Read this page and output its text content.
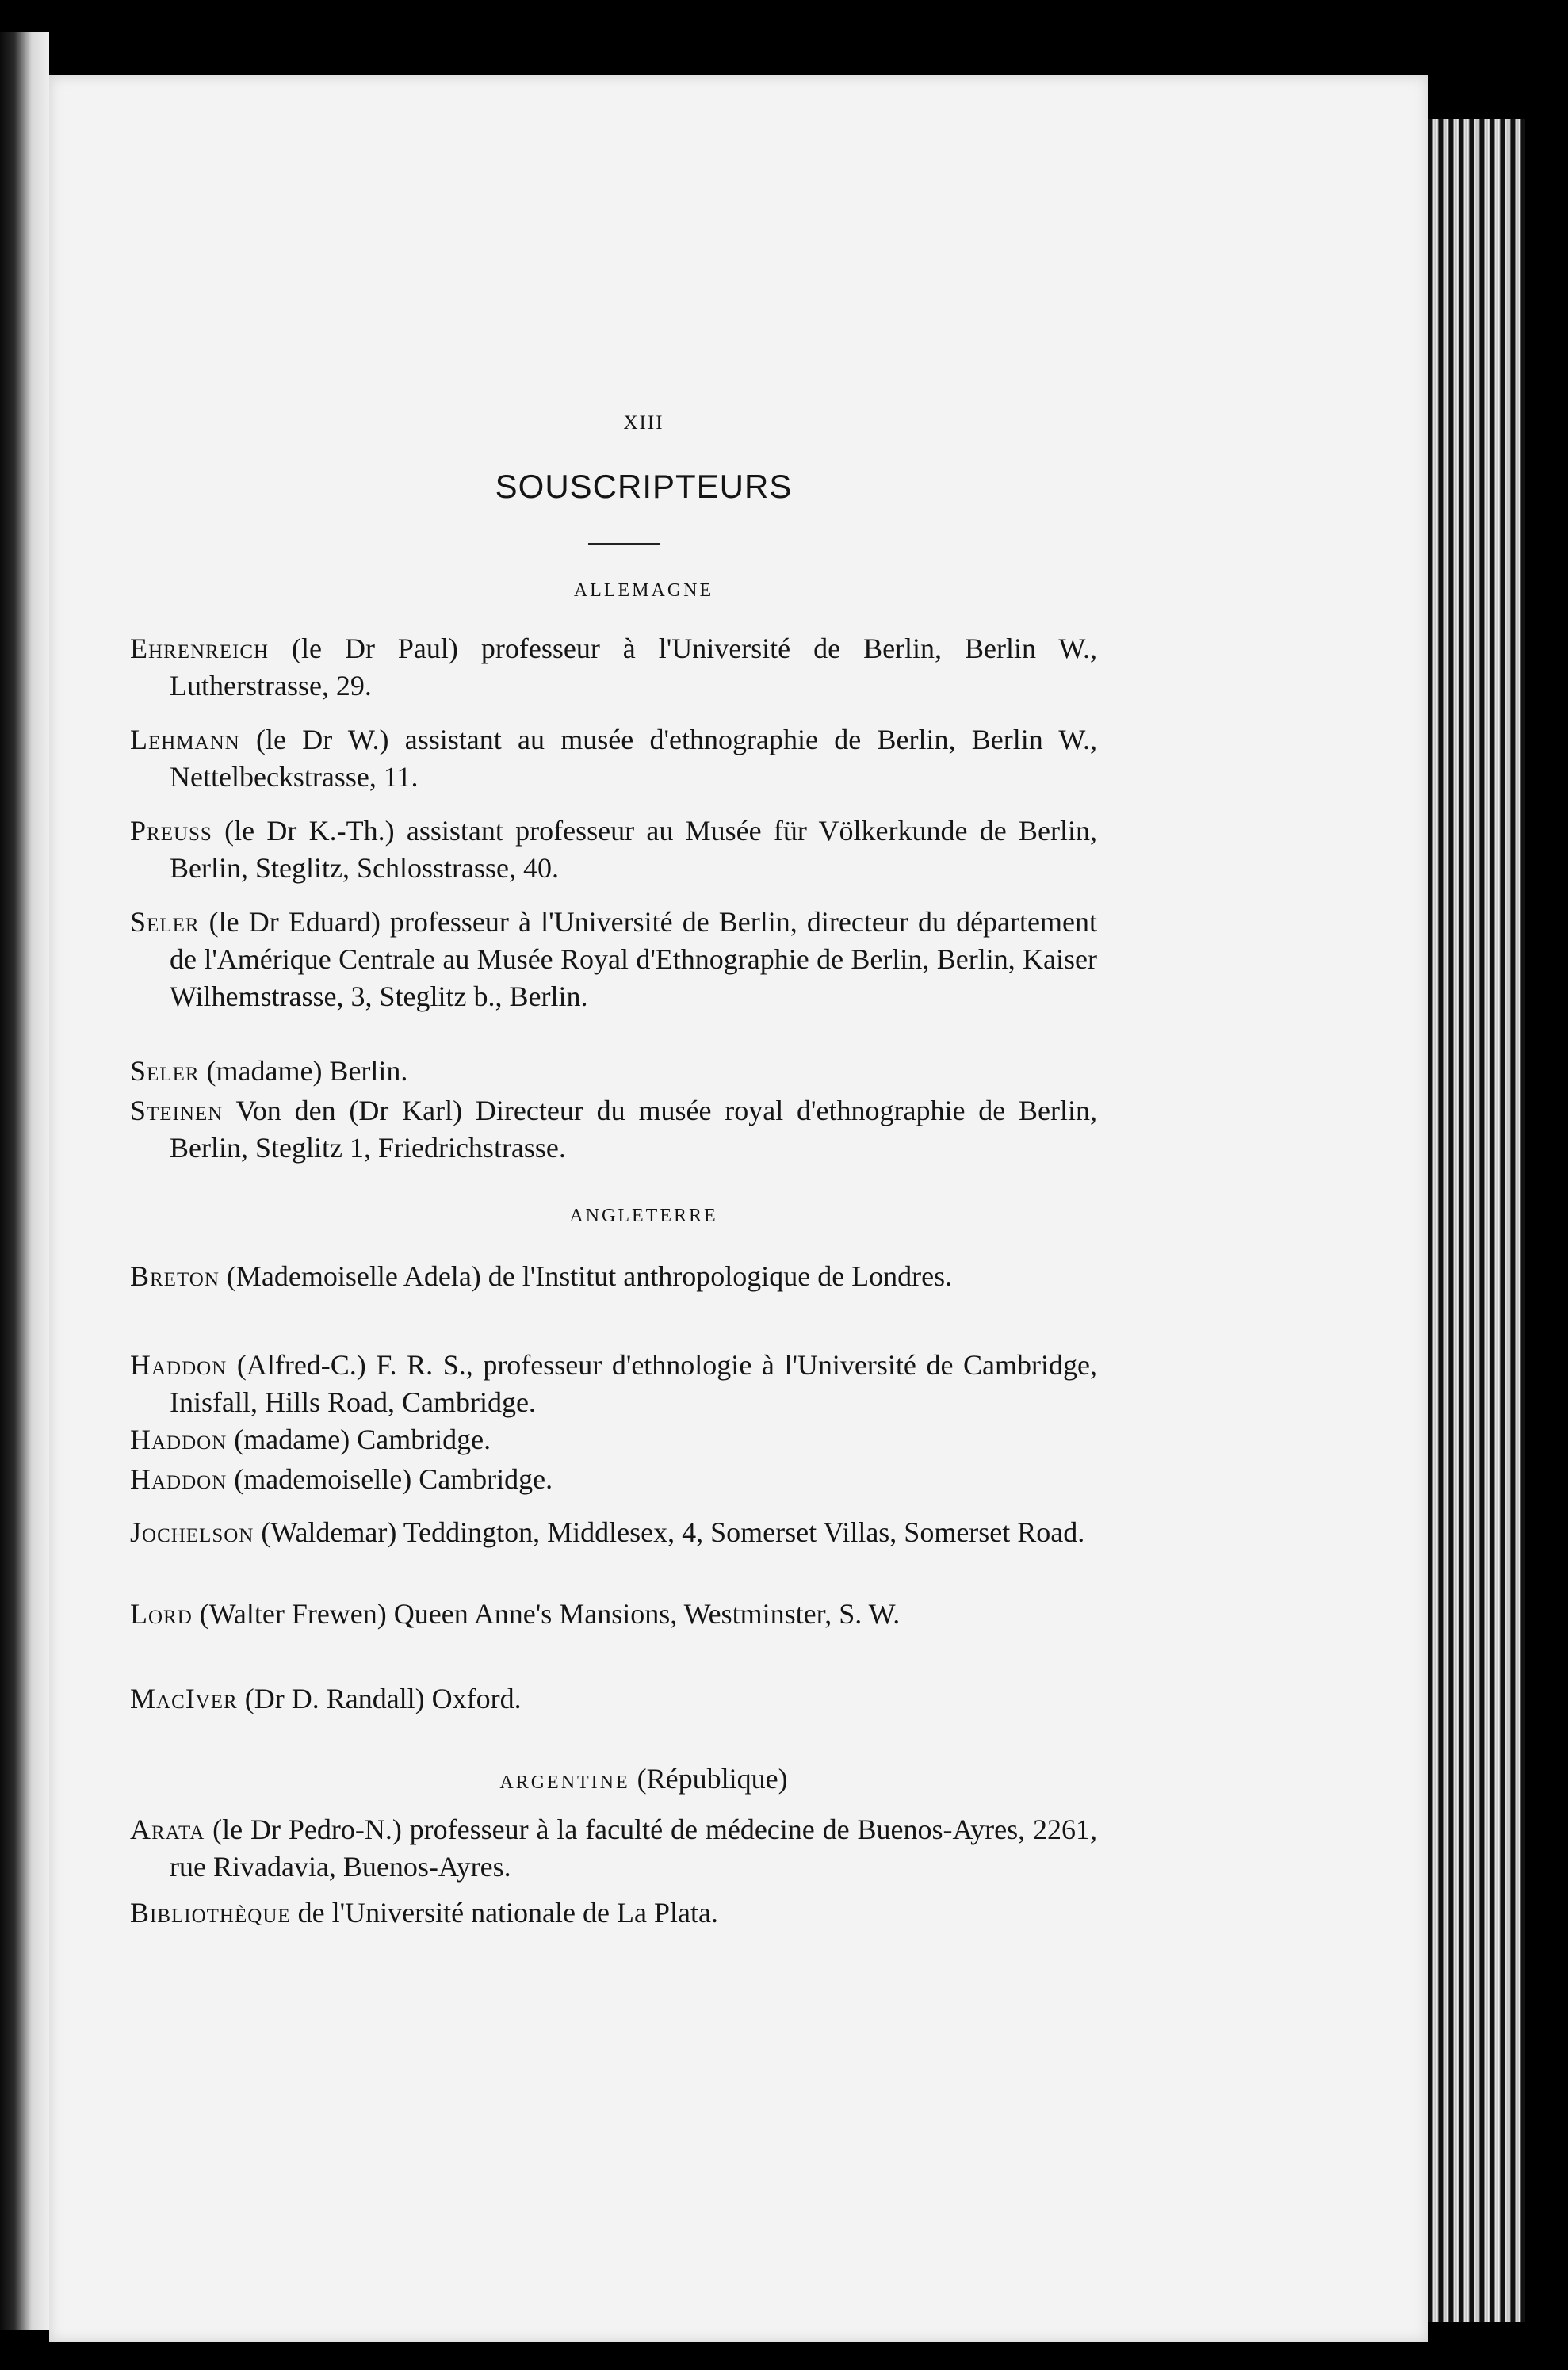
XIII
SOUSCRIPTEURS
ALLEMAGNE
Ehrenreich (le Dr Paul) professeur à l'Université de Berlin, Berlin W., Lutherstrasse, 29.
Lehmann (le Dr W.) assistant au musée d'ethnographie de Berlin, Berlin W., Nettelbeckstrasse, 11.
Preuss (le Dr K.-Th.) assistant professeur au Musée für Völkerkunde de Berlin, Berlin, Steglitz, Schlosstrasse, 40.
Seler (le Dr Eduard) professeur à l'Université de Berlin, directeur du département de l'Amérique Centrale au Musée Royal d'Ethnographie de Berlin, Berlin, Kaiser Wilhemstrasse, 3, Steglitz b., Berlin.
Seler (madame) Berlin.
Steinen Von den (Dr Karl) Directeur du musée royal d'ethnographie de Berlin, Berlin, Steglitz 1, Friedrichstrasse.
ANGLETERRE
Breton (Mademoiselle Adela) de l'Institut anthropologique de Londres.
Haddon (Alfred-C.) F. R. S., professeur d'ethnologie à l'Université de Cambridge, Inisfall, Hills Road, Cambridge.
Haddon (madame) Cambridge.
Haddon (mademoiselle) Cambridge.
Jochelson (Waldemar) Teddington, Middlesex, 4, Somerset Villas, Somerset Road.
Lord (Walter Frewen) Queen Anne's Mansions, Westminster, S. W.
MacIver (Dr D. Randall) Oxford.
ARGENTINE (République)
Arata (le Dr Pedro-N.) professeur à la faculté de médecine de Buenos-Ayres, 2261, rue Rivadavia, Buenos-Ayres.
Bibliothèque de l'Université nationale de La Plata.
